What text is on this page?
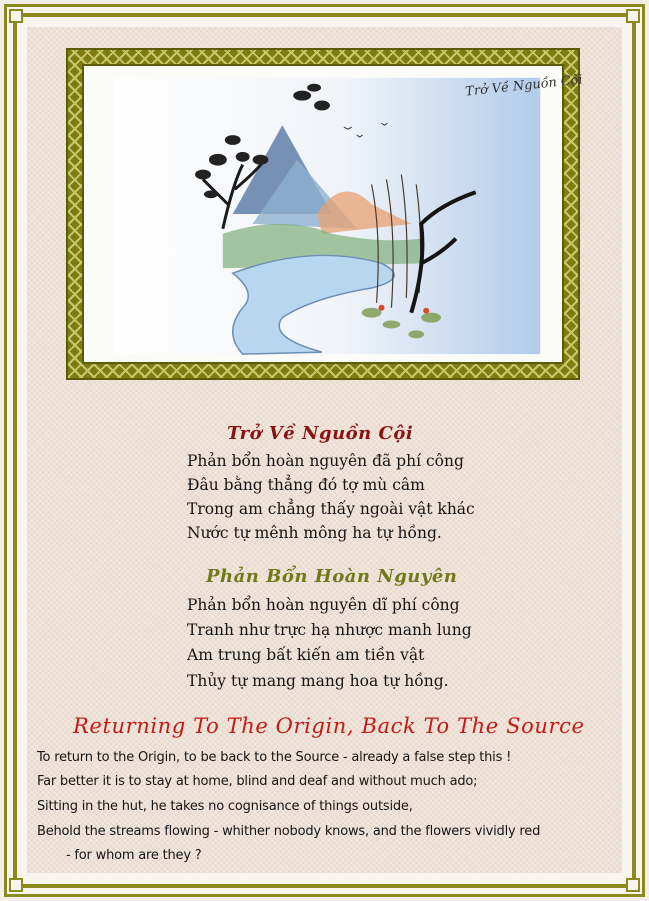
Trở Về Nguồn Cội
Trở Về Nguồn Cội
Phản bổn hoàn nguyên đã phí công
Đâu bằng thẳng đó tợ mù câm
Trong am chẳng thấy ngoài vật khác
Nước tự mênh mông ha tự hồng.
Phản Bổn Hoàn Nguyên
Phản bổn hoàn nguyên dĩ phí công
Tranh như trực hạ nhược manh lung
Am trung bất kiến am tiền vật
Thủy tự mang mang hoa tự hồng.
Returning To The Origin, Back To The Source
To return to the Origin, to be back to the Source - already a false step this !
Far better it is to stay at home, blind and deaf and without much ado;
Sitting in the hut, he takes no cognisance of things outside,
Behold the streams flowing - whither nobody knows, and the flowers vividly red
- for whom are they ?
